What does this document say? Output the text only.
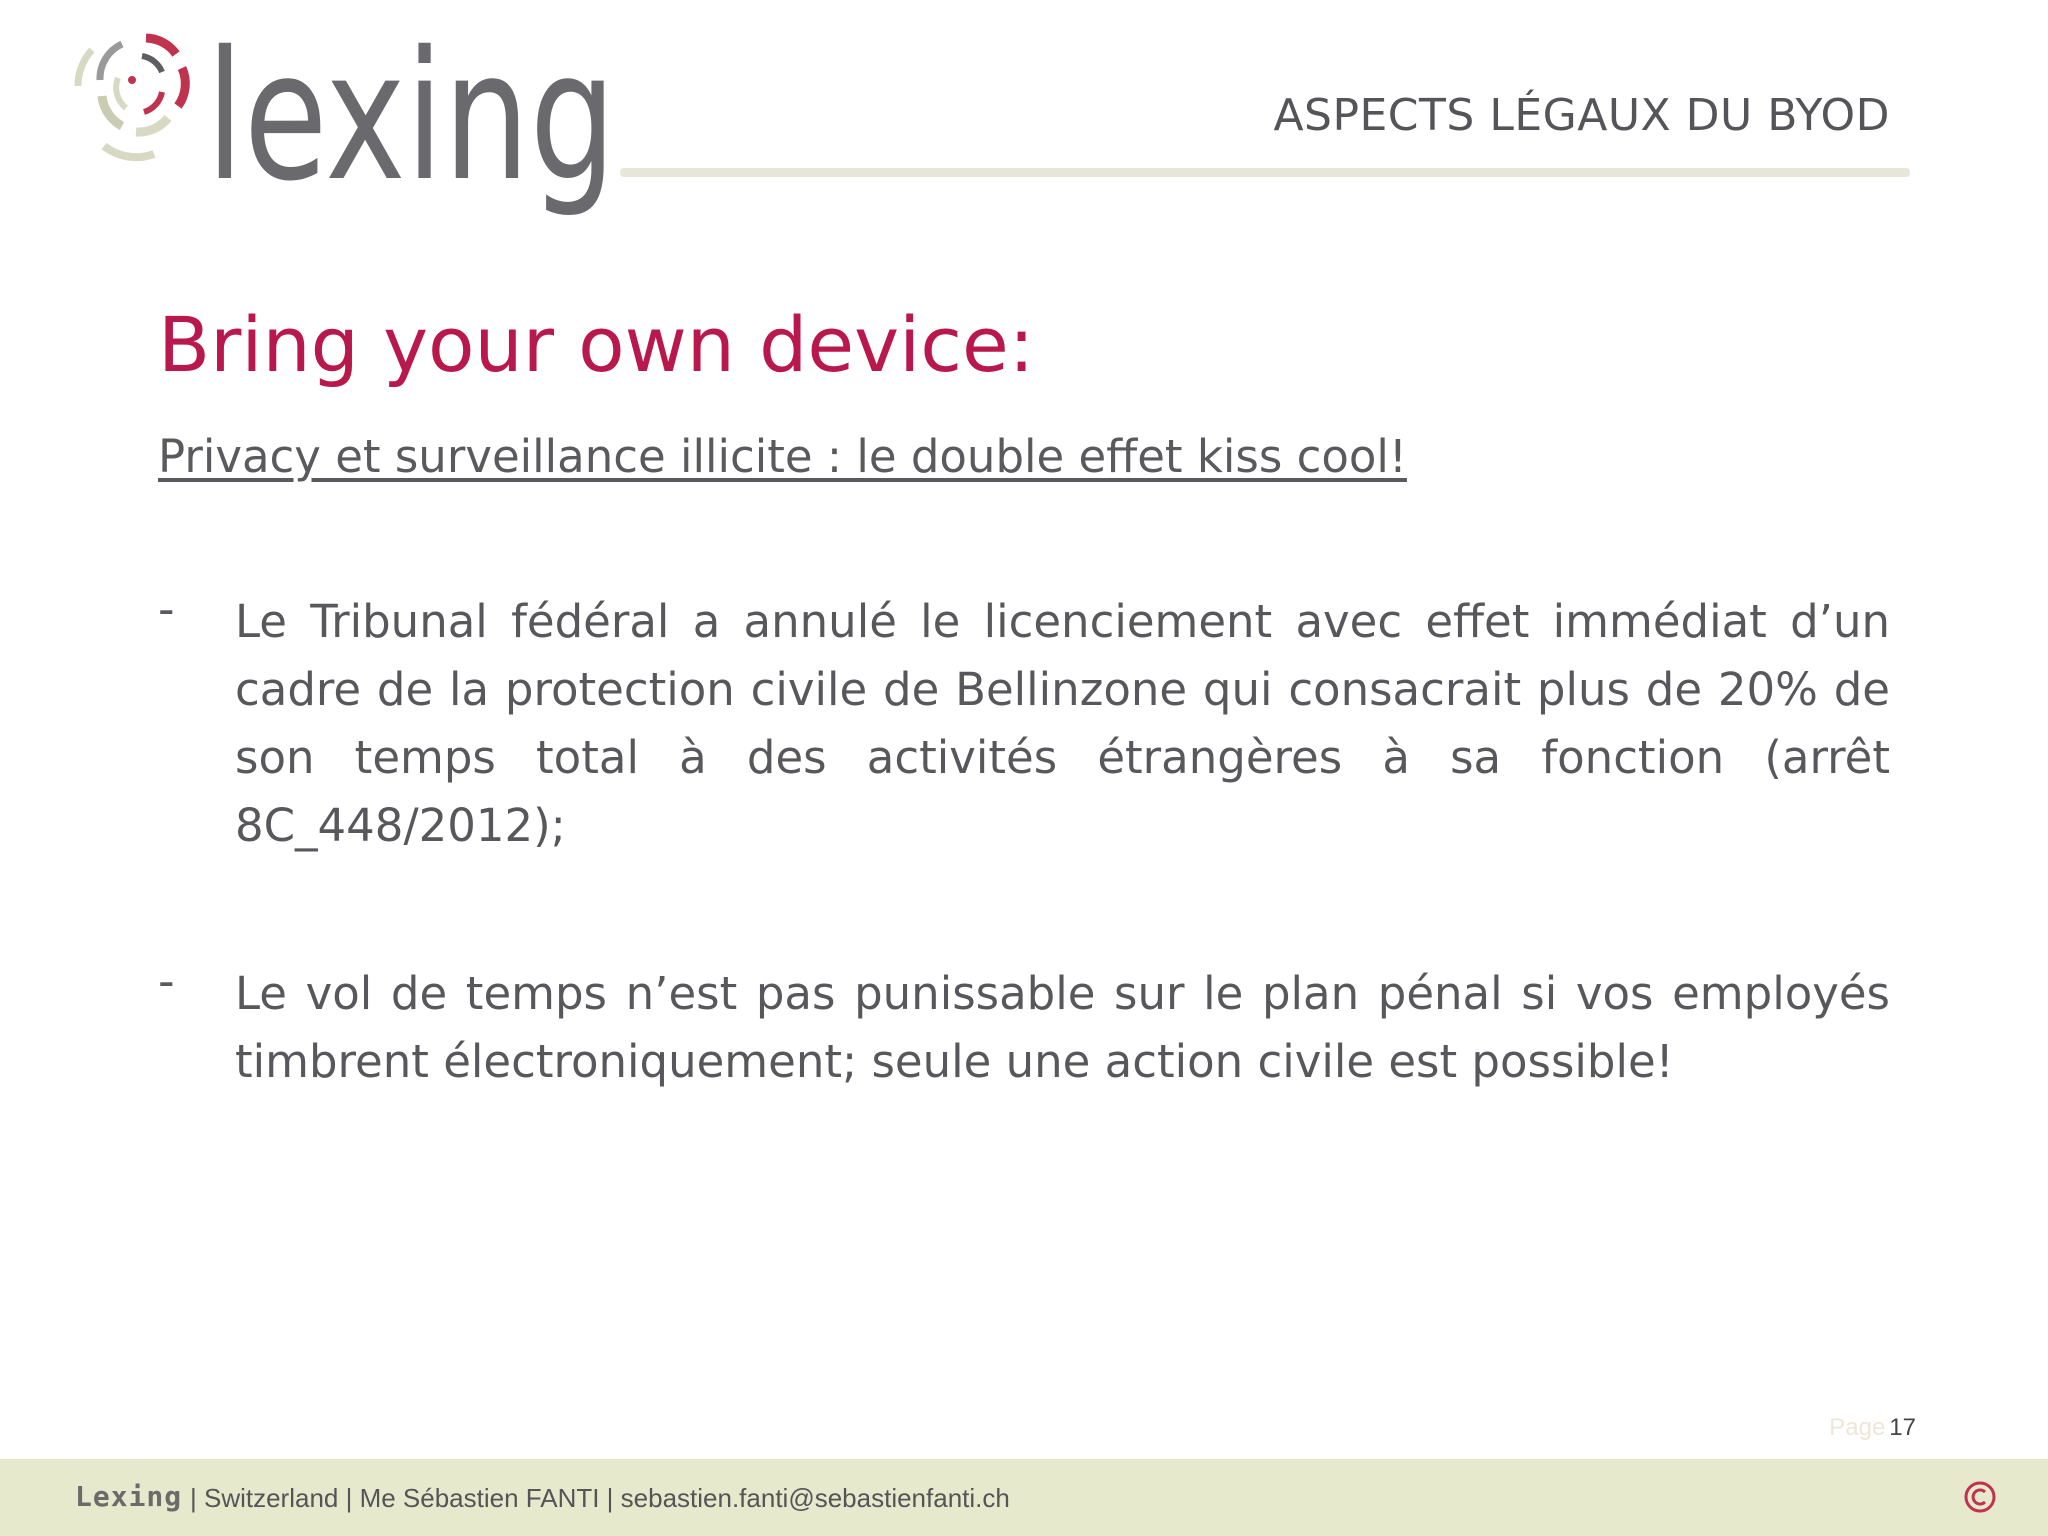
lexing	ASPECTS LÉGAUX DU BYOD
Bring your own device:
Privacy et surveillance illicite : le double effet kiss cool!
- Le Tribunal fédéral a annulé le licenciement avec effet immédiat d’un cadre de la protection civile de Bellinzone qui consacrait plus de 20% de son temps total à des activités étrangères à sa fonction (arrêt 8C_448/2012);
- Le vol de temps n’est pas punissable sur le plan pénal si vos employés timbrent électroniquement; seule une action civile est possible!
Page 17
Lexing | Switzerland | Me Sébastien FANTI | sebastien.fanti@sebastienfanti.ch
